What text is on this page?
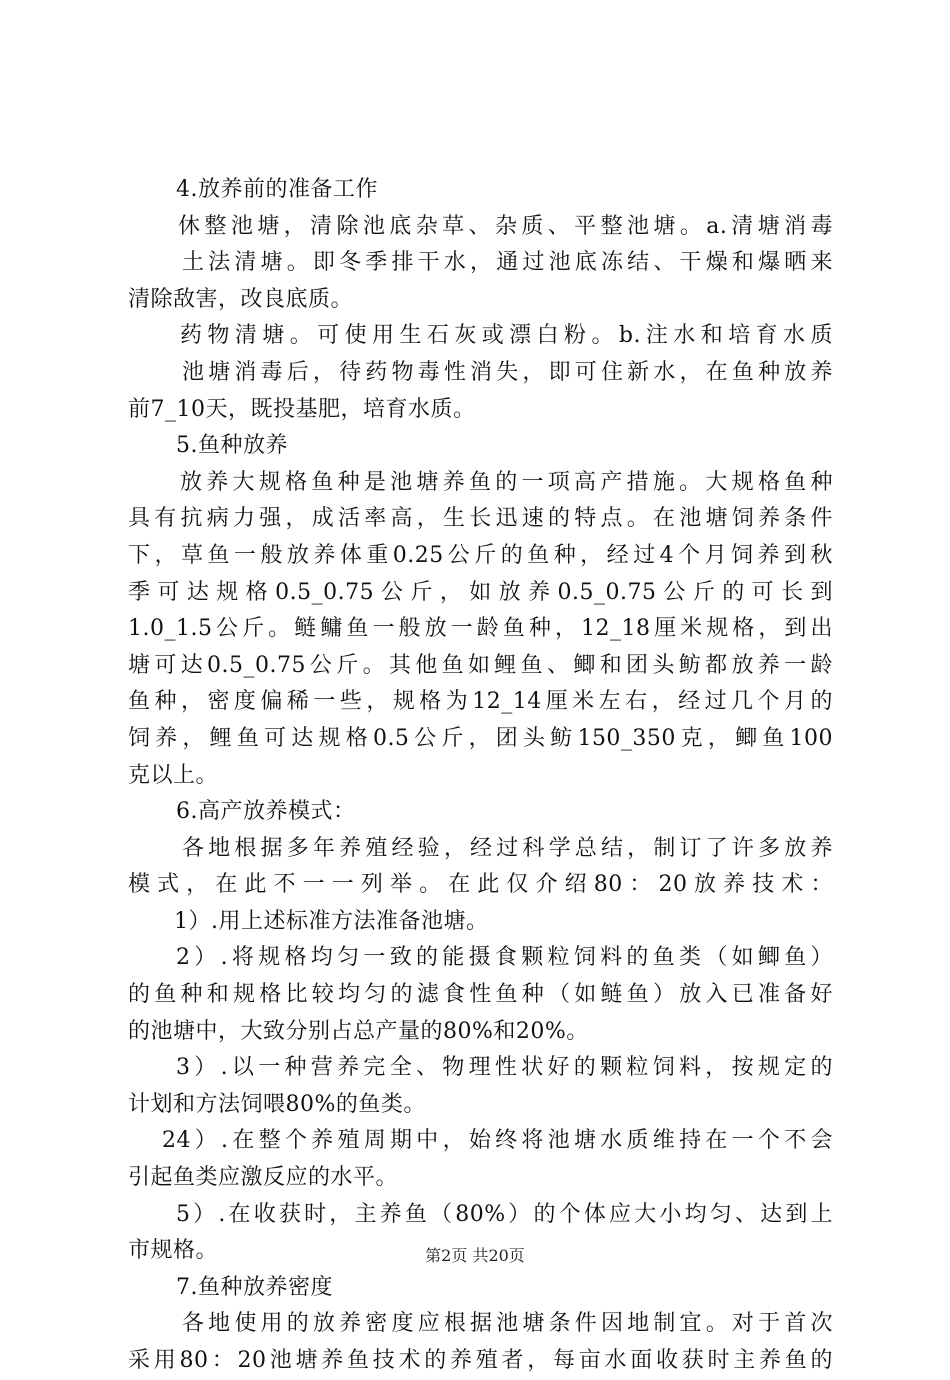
4.放养前的准备工作
休整池塘，清除池底杂草、杂质、平整池塘。a.清塘消毒
土法清塘。即冬季排干水，通过池底冻结、干燥和爆晒来
清除敌害，改良底质。
药物清塘。可使用生石灰或漂白粉。b.注水和培育水质
池塘消毒后，待药物毒性消失，即可住新水，在鱼种放养
前7_10天，既投基肥，培育水质。
5.鱼种放养
放养大规格鱼种是池塘养鱼的一项高产措施。大规格鱼种
具有抗病力强，成活率高，生长迅速的特点。在池塘饲养条件
下，草鱼一般放养体重0.25公斤的鱼种，经过4个月饲养到秋
季可达规格0.5_0.75公斤，如放养0.5_0.75公斤的可长到
1.0_1.5公斤。鲢鳙鱼一般放一龄鱼种，12_18厘米规格，到出
塘可达0.5_0.75公斤。其他鱼如鲤鱼、鲫和团头鲂都放养一龄
鱼种，密度偏稀一些，规格为12_14厘米左右，经过几个月的
饲养，鲤鱼可达规格0.5公斤，团头鲂150_350克，鲫鱼100
克以上。
6.高产放养模式：
各地根据多年养殖经验，经过科学总结，制订了许多放养
模式，在此不一一列举。在此仅介绍80：20放养技术：
1）.用上述标准方法准备池塘。
2）.将规格均匀一致的能摄食颗粒饲料的鱼类（如鲫鱼）
的鱼种和规格比较均匀的滤食性鱼种（如鲢鱼）放入已准备好
的池塘中，大致分别占总产量的80%和20%。
3）.以一种营养完全、物理性状好的颗粒饲料，按规定的
计划和方法饲喂80%的鱼类。
24）.在整个养殖周期中，始终将池塘水质维持在一个不会
引起鱼类应激反应的水平。
5）.在收获时，主养鱼（80%）的个体应大小均匀、达到上
市规格。
7.鱼种放养密度
各地使用的放养密度应根据池塘条件因地制宜。对于首次
采用80：20池塘养鱼技术的养殖者，每亩水面收获时主养鱼的
第2页 共20页
